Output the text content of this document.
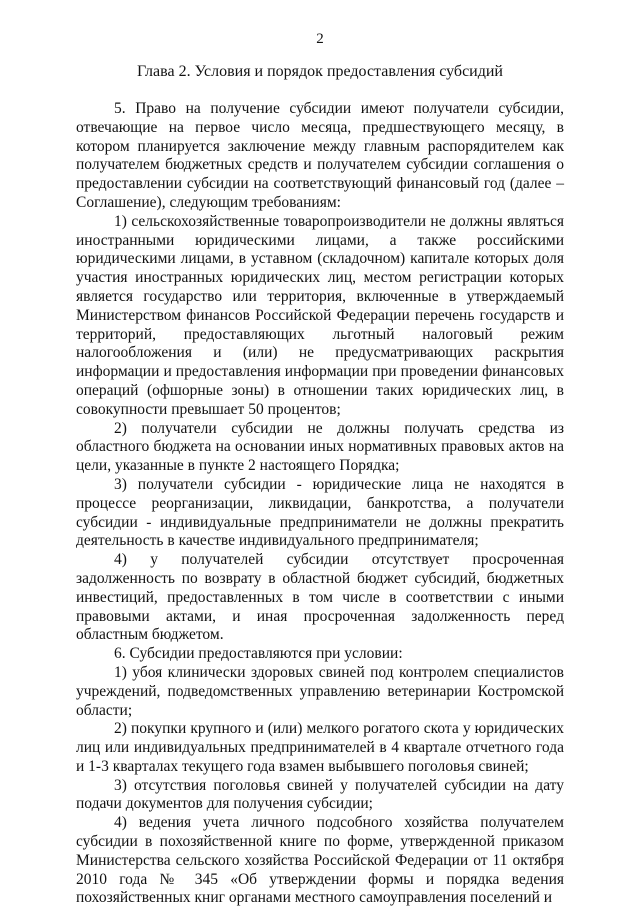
2
Глава 2. Условия и порядок предоставления субсидий

5. Право на получение субсидии имеют получатели субсидии, отвечающие на первое число месяца, предшествующего месяцу, в котором планируется заключение между главным распорядителем как получателем бюджетных средств и получателем субсидии соглашения о предоставлении субсидии на соответствующий финансовый год (далее – Соглашение), следующим требованиям:

1) сельскохозяйственные товаропроизводители не должны являться иностранными юридическими лицами, а также российскими юридическими лицами, в уставном (складочном) капитале которых доля участия иностранных юридических лиц, местом регистрации которых является государство или территория, включенные в утверждаемый Министерством финансов Российской Федерации перечень государств и территорий, предоставляющих льготный налоговый режим налогообложения и (или) не предусматривающих раскрытия информации и предоставления информации при проведении финансовых операций (офшорные зоны) в отношении таких юридических лиц, в совокупности превышает 50 процентов;

2) получатели субсидии не должны получать средства из областного бюджета на основании иных нормативных правовых актов на цели, указанные в пункте 2 настоящего Порядка;

3) получатели субсидии - юридические лица не находятся в процессе реорганизации, ликвидации, банкротства, а получатели субсидии - индивидуальные предприниматели не должны прекратить деятельность в качестве индивидуального предпринимателя;

4) у получателей субсидии отсутствует просроченная задолженность по возврату в областной бюджет субсидий, бюджетных инвестиций, предоставленных в том числе в соответствии с иными правовыми актами, и иная просроченная задолженность перед областным бюджетом.

6. Субсидии предоставляются при условии:

1) убоя клинически здоровых свиней под контролем специалистов учреждений, подведомственных управлению ветеринарии Костромской области;

2) покупки крупного и (или) мелкого рогатого скота у юридических лиц или индивидуальных предпринимателей в 4 квартале отчетного года и 1-3 кварталах текущего года взамен выбывшего поголовья свиней;

3) отсутствия поголовья свиней у получателей субсидии на дату подачи документов для получения субсидии;

4) ведения учета личного подсобного хозяйства получателем субсидии в похозяйственной книге по форме, утвержденной приказом Министерства сельского хозяйства Российской Федерации от 11 октября 2010 года № 345 «Об утверждении формы и порядка ведения похозяйственных книг органами местного самоуправления поселений и
